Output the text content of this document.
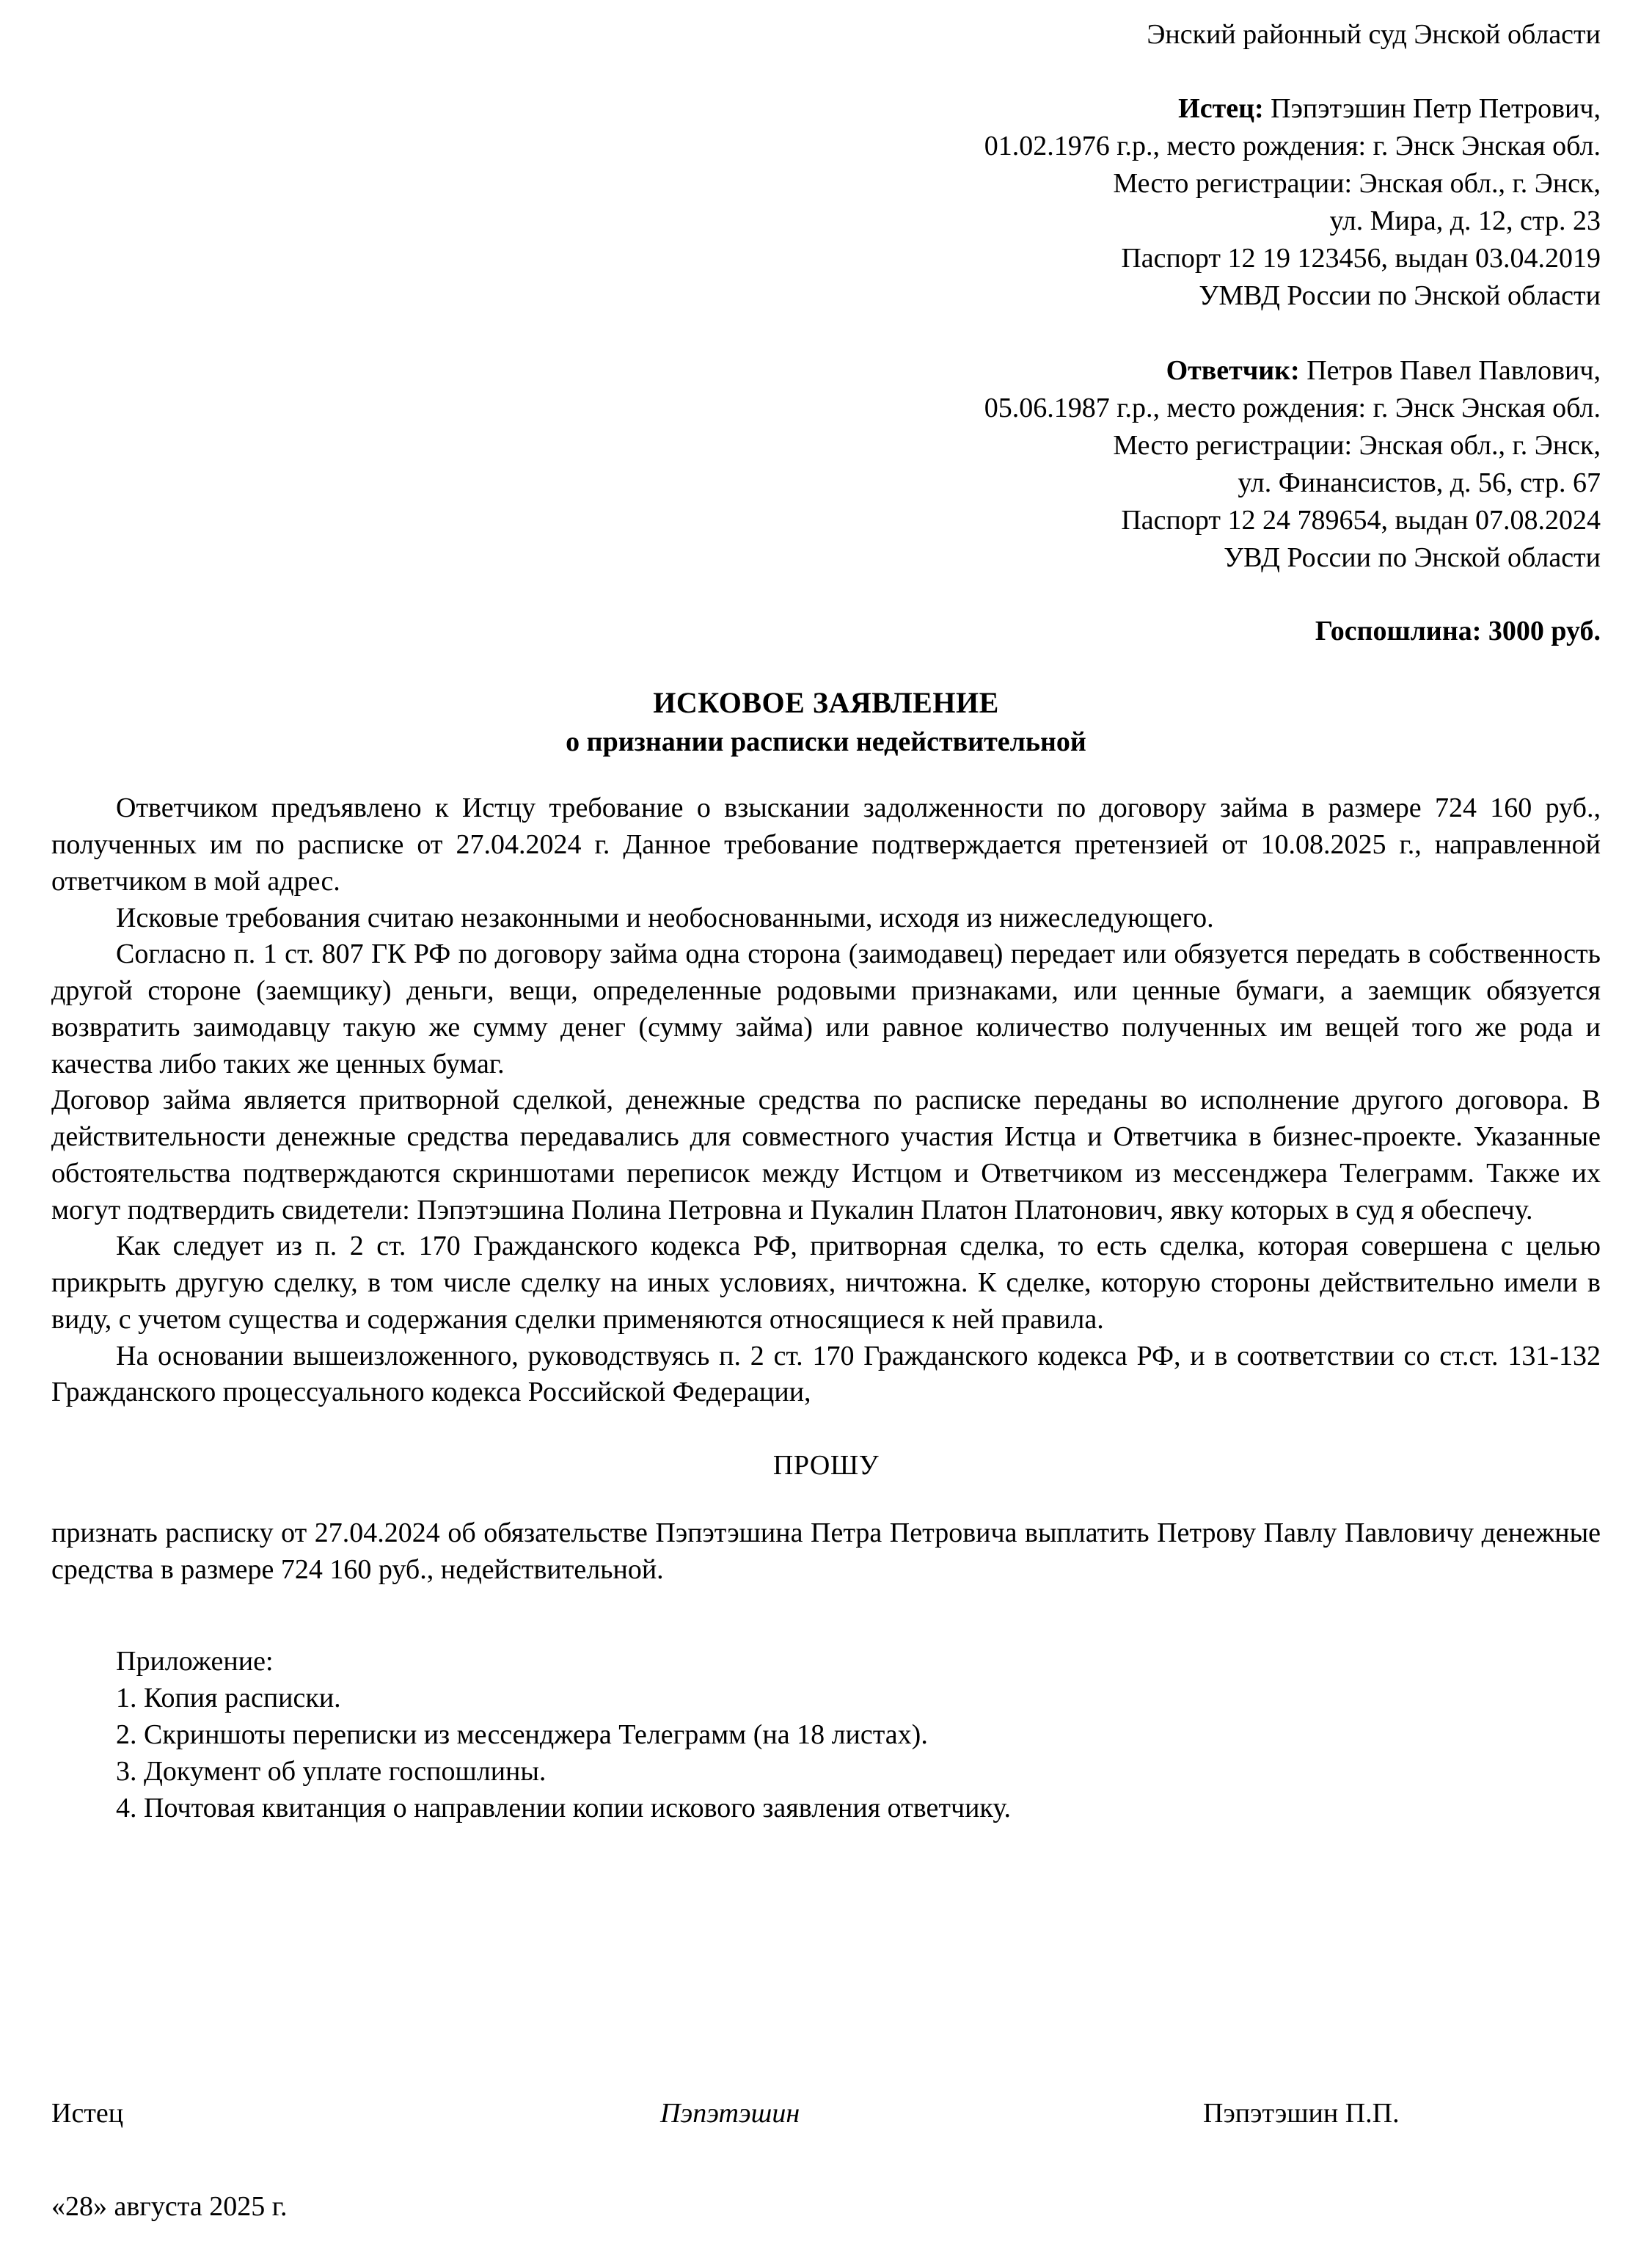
Энский районный суд Энской области
Истец: Пэпэтэшин Петр Петрович,
01.02.1976 г.р., место рождения: г. Энск Энская обл.
Место регистрации: Энская обл., г. Энск,
ул. Мира, д. 12, стр. 23
Паспорт 12 19 123456, выдан 03.04.2019
УМВД России по Энской области
Ответчик: Петров Павел Павлович,
05.06.1987 г.р., место рождения: г. Энск Энская обл.
Место регистрации: Энская обл., г. Энск,
ул. Финансистов, д. 56, стр. 67
Паспорт 12 24 789654, выдан 07.08.2024
УВД России по Энской области
Госпошлина: 3000 руб.
ИСКОВОЕ ЗАЯВЛЕНИЕ
о признании расписки недействительной

Ответчиком предъявлено к Истцу требование о взыскании задолженности по договору займа в размере 724 160 руб., полученных им по расписке от 27.04.2024 г. Данное требование подтверждается претензией от 10.08.2025 г., направленной ответчиком в мой адрес.

Исковые требования считаю незаконными и необоснованными, исходя из нижеследующего.

Согласно п. 1 ст. 807 ГК РФ по договору займа одна сторона (заимодавец) передает или обязуется передать в собственность другой стороне (заемщику) деньги, вещи, определенные родовыми признаками, или ценные бумаги, а заемщик обязуется возвратить заимодавцу такую же сумму денег (сумму займа) или равное количество полученных им вещей того же рода и качества либо таких же ценных бумаг.

Договор займа является притворной сделкой, денежные средства по расписке переданы во исполнение другого договора. В действительности денежные средства передавались для совместного участия Истца и Ответчика в бизнес-проекте. Указанные обстоятельства подтверждаются скриншотами переписок между Истцом и Ответчиком из мессенджера Телеграмм. Также их могут подтвердить свидетели: Пэпэтэшина Полина Петровна и Пукалин Платон Платонович, явку которых в суд я обеспечу.

Как следует из п. 2 ст. 170 Гражданского кодекса РФ, притворная сделка, то есть сделка, которая совершена с целью прикрыть другую сделку, в том числе сделку на иных условиях, ничтожна. К сделке, которую стороны действительно имели в виду, с учетом существа и содержания сделки применяются относящиеся к ней правила.

На основании вышеизложенного, руководствуясь п. 2 ст. 170 Гражданского кодекса РФ, и в соответствии со ст.ст. 131-132 Гражданского процессуального кодекса Российской Федерации,

ПРОШУ

признать расписку от 27.04.2024 об обязательстве Пэпэтэшина Петра Петровича выплатить Петрову Павлу Павловичу денежные средства в размере 724 160 руб., недействительной.

Приложение:
1. Копия расписки.
2. Скриншоты переписки из мессенджера Телеграмм (на 18 листах).
3. Документ об уплате госпошлины.
4. Почтовая квитанция о направлении копии искового заявления ответчику.
Истец	Пэпэтэшин	Пэпэтэшин П.П.
«28» августа 2025 г.
